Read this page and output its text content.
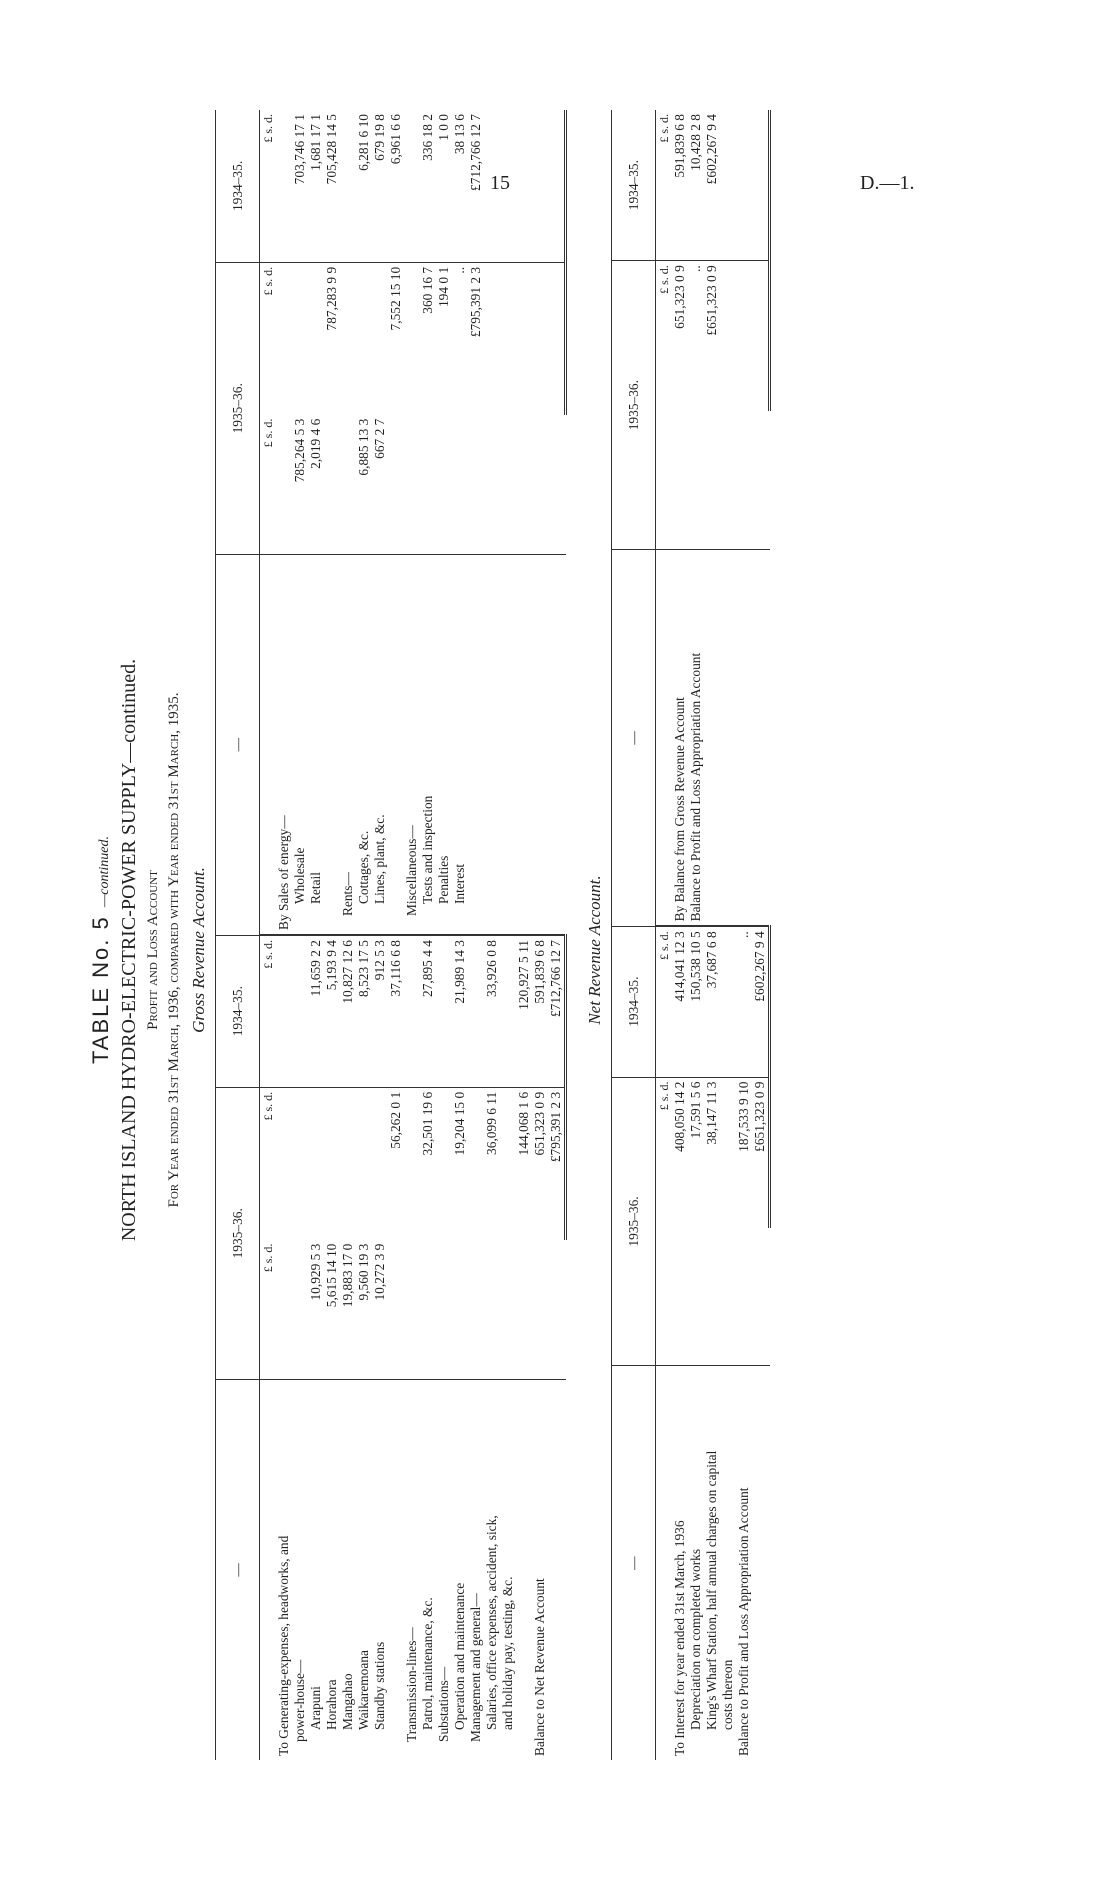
15	D.—1.
TABLE No. 5 —continued. NORTH ISLAND HYDRO-ELECTRIC-POWER SUPPLY—continued. Profit and Loss Account For Year ended 31st March, 1936, compared with Year ended 31st March, 1935. Gross Revenue Account.
—	1935–36.		1934–35.	—	1935–36.		1934–35.
	£ s. d.	£ s. d.	£ s. d.		£ s. d.	£ s. d.	£ s. d.
To Generating-expenses, headworks, and				By Sales of energy—			
power-house—				Wholesale	785,264 5 3		703,746 17 1
Arapuni	10,929 5 3		11,659 2 2	Retail	2,019 4 6		1,681 17 1
Horahora	5,615 14 10		5,193 9 4			787,283 9 9	705,428 14 5
Mangahao	19,883 17 0		10,827 12 6	Rents—			
Waikaremoana	9,560 19 3		8,523 17 5	Cottages, &c.	6,885 13 3		6,281 6 10
Standby stations	10,272 3 9		912 5 3	Lines, plant, &c.	667 2 7		679 19 8
		56,262 0 1	37,116 6 8			7,552 15 10	6,961 6 6
Transmission-lines—				Miscellaneous—			
Patrol, maintenance, &c.		32,501 19 6	27,895 4 4	Tests and inspection		360 16 7	336 18 2
Substations—				Penalties		194 0 1	1 0 0
Operation and maintenance		19,204 15 0	21,989 14 3	Interest		..	38 13 6
Management and general—						£795,391 2 3	£712,766 12 7
Salaries, office expenses, accident, sick,		36,099 6 11	33,926 0 8				
and holiday pay, testing, &c.							
		144,068 1 6	120,927 5 11				
Balance to Net Revenue Account		651,323 0 9	591,839 6 8				
		£795,391 2 3	£712,766 12 7				Net Revenue Account.
—	1935–36.		1934–35.	—	1935–36.		1934–35.
		£ s. d.	£ s. d.			£ s. d.	£ s. d.
To Interest for year ended 31st March, 1936		408,050 14 2	414,041 12 3	By Balance from Gross Revenue Account		651,323 0 9	591,839 6 8
Depreciation on completed works		17,591 5 6	150,538 10 5	Balance to Profit and Loss Appropriation Account		..	10,428 2 8
King's Wharf Station, half annual charges on capital		38,147 11 3	37,687 6 8			£651,323 0 9	£602,267 9 4
costs thereon							
Balance to Profit and Loss Appropriation Account		187,533 9 10	..				
		£651,323 0 9	£602,267 9 4				
